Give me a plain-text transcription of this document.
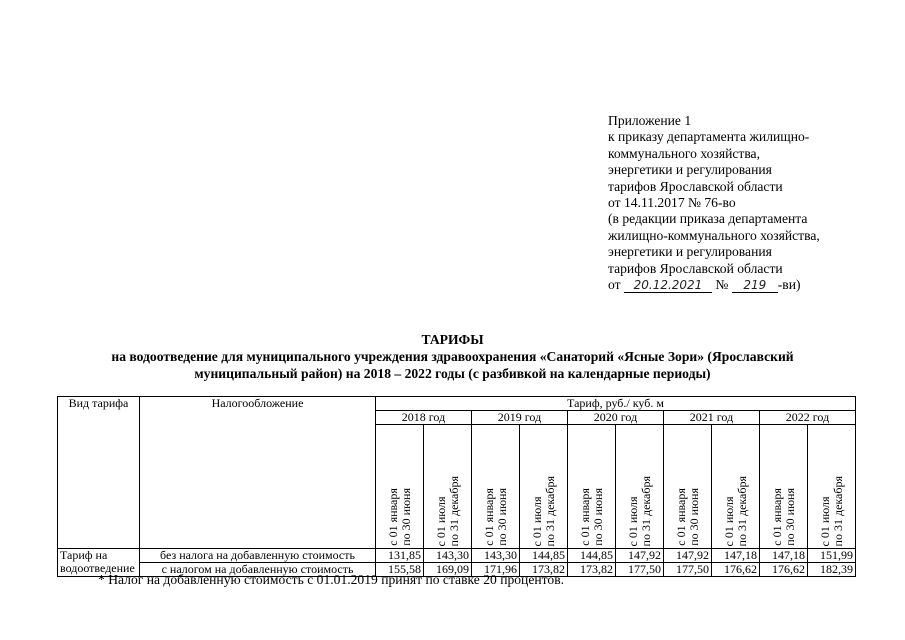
Приложение 1
к приказу департамента жилищно-
коммунального хозяйства,
энергетики и регулирования
тарифов Ярославской области
от 14.11.2017 № 76-во
(в редакции приказа департамента
жилищно-коммунального хозяйства,
энергетики и регулирования
тарифов Ярославской области
от 20.12.2021 № 219 -ви)
ТАРИФЫ
на водоотведение для муниципального учреждения здравоохранения «Санаторий «Ясные Зори» (Ярославский
муниципальный район) на 2018 – 2022 годы (с разбивкой на календарные периоды)
Вид тарифа	Налогообложение	Тариф, руб./ куб. м									
		2018 год		2019 год		2020 год		2021 год		2022 год	

		с 01 января
по 30 июня	с 01 июля
по 31 декабря	с 01 января
по 30 июня	с 01 июля
по 31 декабря	с 01 января
по 30 июня	с 01 июля
по 31 декабря	с 01 января
по 30 июня	с 01 июля
по 31 декабря	с 01 января
по 30 июня	с 01 июля
по 31 декабря

Тариф на
водоотведение	без налога на добавленную стоимость	131,85	143,30	143,30	144,85	144,85	147,92	147,92	147,18	147,18	151,99
	с налогом на добавленную стоимость	155,58	169,09	171,96	173,82	173,82	177,50	177,50	176,62	176,62	182,39
* Налог на добавленную стоимость с 01.01.2019 принят по ставке 20 процентов.
